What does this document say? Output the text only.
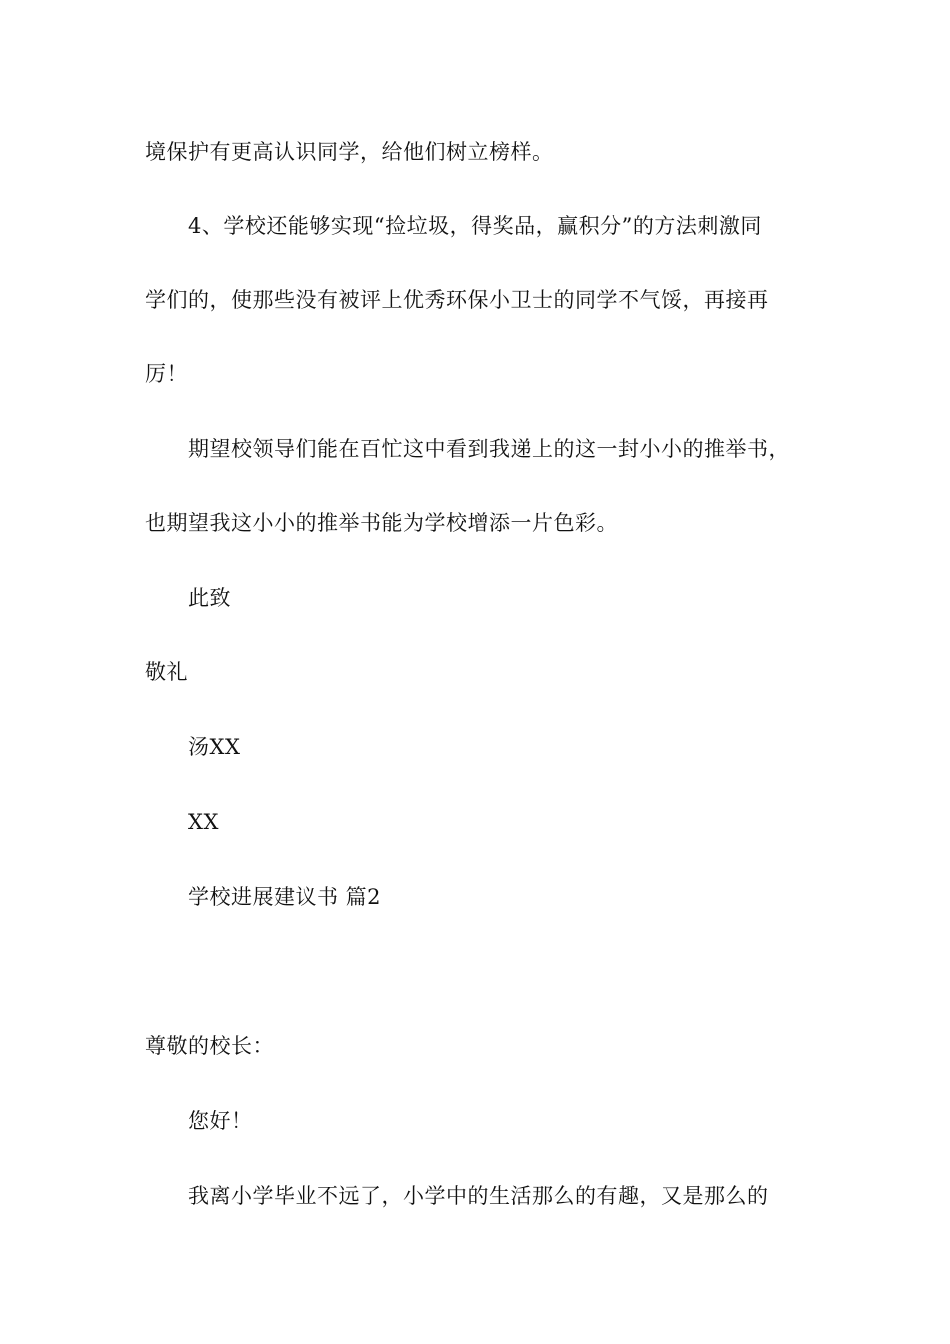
境保护有更高认识同学，给他们树立榜样。
4、学校还能够实现“捡垃圾，得奖品，赢积分”的方法刺激同
学们的，使那些没有被评上优秀环保小卫士的同学不气馁，再接再
厉！
期望校领导们能在百忙这中看到我递上的这一封小小的推举书，
也期望我这小小的推举书能为学校增添一片色彩。
此致
敬礼
汤XX
XX
学校进展建议书 篇2
尊敬的校长：
您好！
我离小学毕业不远了，小学中的生活那么的有趣，又是那么的
